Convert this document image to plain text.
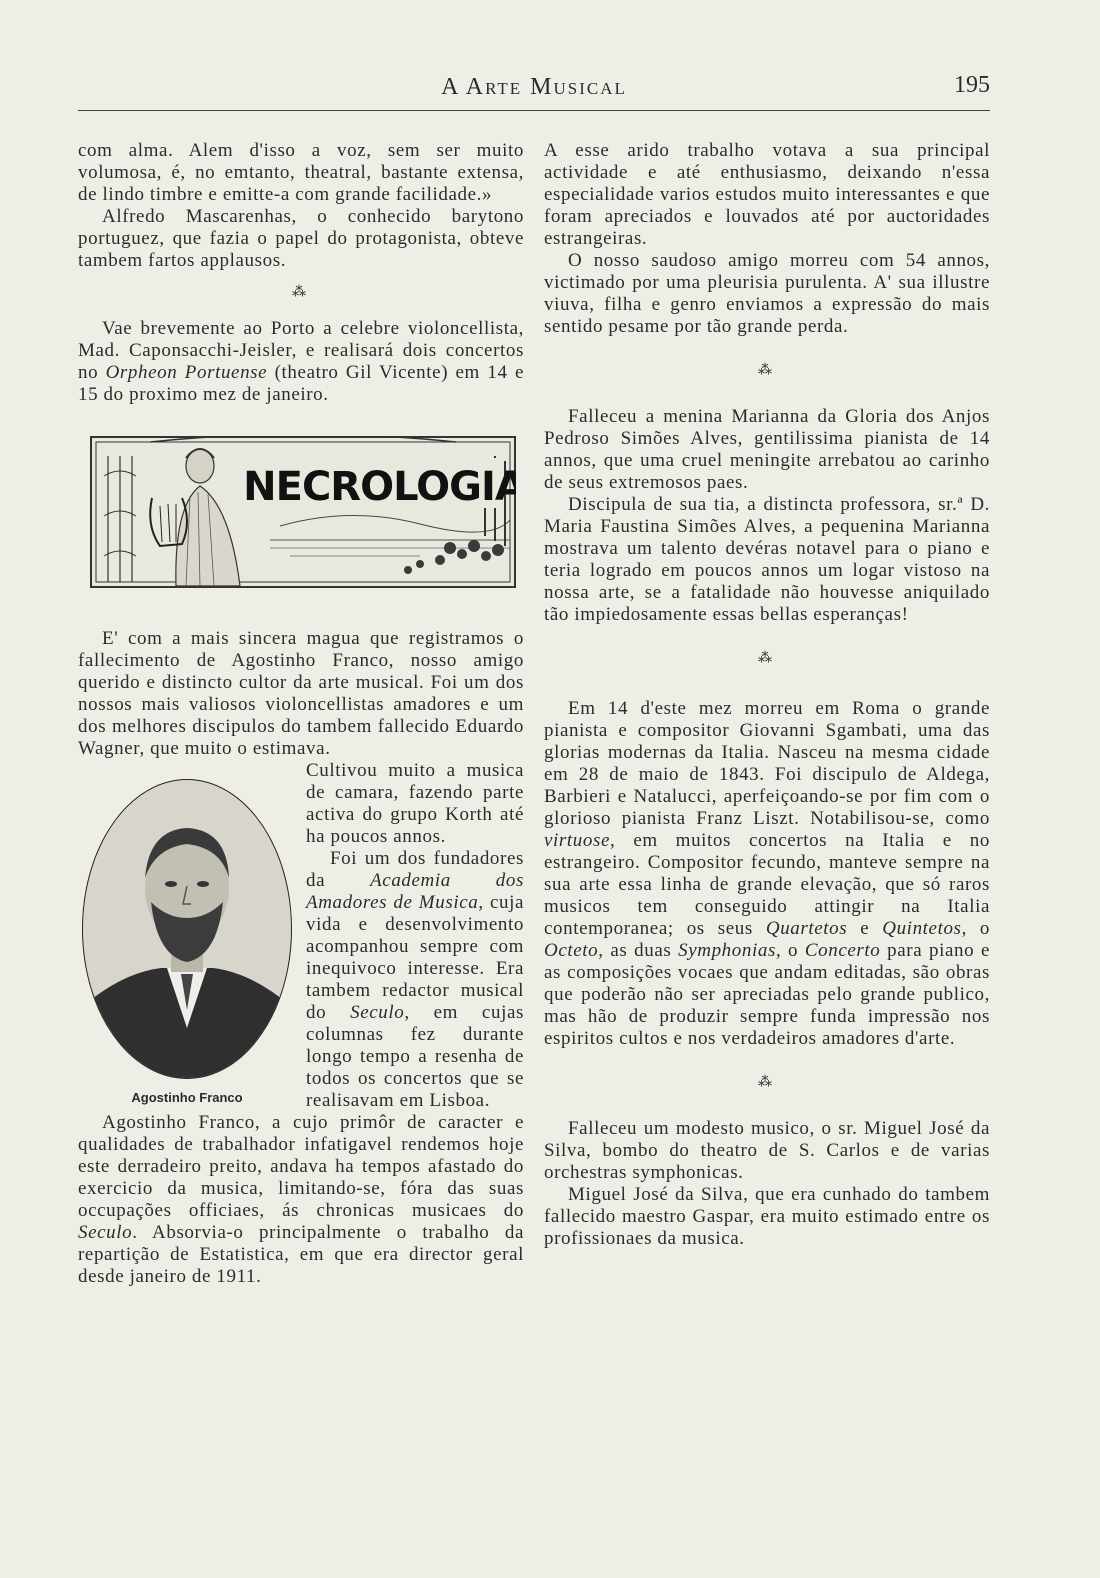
A Arte Musical	195

com alma. Alem d'isso a voz, sem ser muito volumosa, é, no emtanto, theatral, bastante extensa, de lindo timbre e emitte-a com grande facilidade.»

Alfredo Mascarenhas, o conhecido barytono portuguez, que fazia o papel do protagonista, obteve tambem fartos applausos.

⁂

Vae brevemente ao Porto a celebre violoncellista, Mad. Caponsacchi-Jeisler, e realisará dois concertos no Orpheon Portuense (theatro Gil Vicente) em 14 e 15 do proximo mez de janeiro.

NECROLOGIA

E' com a mais sincera magua que registramos o fallecimento de Agostinho Franco, nosso amigo querido e distincto cultor da arte musical. Foi um dos nossos mais valiosos violoncellistas amadores e um dos melhores discipulos do tambem fallecido Eduardo Wagner, que muito o estimava.

Agostinho Franco

Cultivou muito a musica de camara, fazendo parte activa do grupo Korth até ha poucos annos.

Foi um dos fundadores da Academia dos Amadores de Musica, cuja vida e desenvolvimento acompanhou sempre com inequivoco interesse. Era tambem redactor musical do Seculo, em cujas columnas fez durante longo tempo a resenha de todos os concertos que se realisavam em Lisboa.

Agostinho Franco, a cujo primôr de caracter e qualidades de trabalhador infatigavel rendemos hoje este derradeiro preito, andava ha tempos afastado do exercicio da musica, limitando-se, fóra das suas occupações officiaes, ás chronicas musicaes do Seculo. Absorvia-o principalmente o trabalho da repartição de Estatistica, em que era director geral desde janeiro de 1911.

A esse arido trabalho votava a sua principal actividade e até enthusiasmo, deixando n'essa especialidade varios estudos muito interessantes e que foram apreciados e louvados até por auctoridades estrangeiras.

O nosso saudoso amigo morreu com 54 annos, victimado por uma pleurisia purulenta. A' sua illustre viuva, filha e genro enviamos a expressão do mais sentido pesame por tão grande perda.

⁂

Falleceu a menina Marianna da Gloria dos Anjos Pedroso Simões Alves, gentilissima pianista de 14 annos, que uma cruel meningite arrebatou ao carinho de seus extremosos paes.

Discipula de sua tia, a distincta professora, sr.ª D. Maria Faustina Simões Alves, a pequenina Marianna mostrava um talento devéras notavel para o piano e teria logrado em poucos annos um logar vistoso na nossa arte, se a fatalidade não houvesse aniquilado tão impiedosamente essas bellas esperanças!

⁂

Em 14 d'este mez morreu em Roma o grande pianista e compositor Giovanni Sgambati, uma das glorias modernas da Italia. Nasceu na mesma cidade em 28 de maio de 1843. Foi discipulo de Aldega, Barbieri e Natalucci, aperfeiçoando-se por fim com o glorioso pianista Franz Liszt. Notabilisou-se, como virtuose, em muitos concertos na Italia e no estrangeiro. Compositor fecundo, manteve sempre na sua arte essa linha de grande elevação, que só raros musicos tem conseguido attingir na Italia contemporanea; os seus Quartetos e Quintetos, o Octeto, as duas Symphonias, o Concerto para piano e as composições vocaes que andam editadas, são obras que poderão não ser apreciadas pelo grande publico, mas hão de produzir sempre funda impressão nos espiritos cultos e nos verdadeiros amadores d'arte.

⁂

Falleceu um modesto musico, o sr. Miguel José da Silva, bombo do theatro de S. Carlos e de varias orchestras symphonicas.

Miguel José da Silva, que era cunhado do tambem fallecido maestro Gaspar, era muito estimado entre os profissionaes da musica.
